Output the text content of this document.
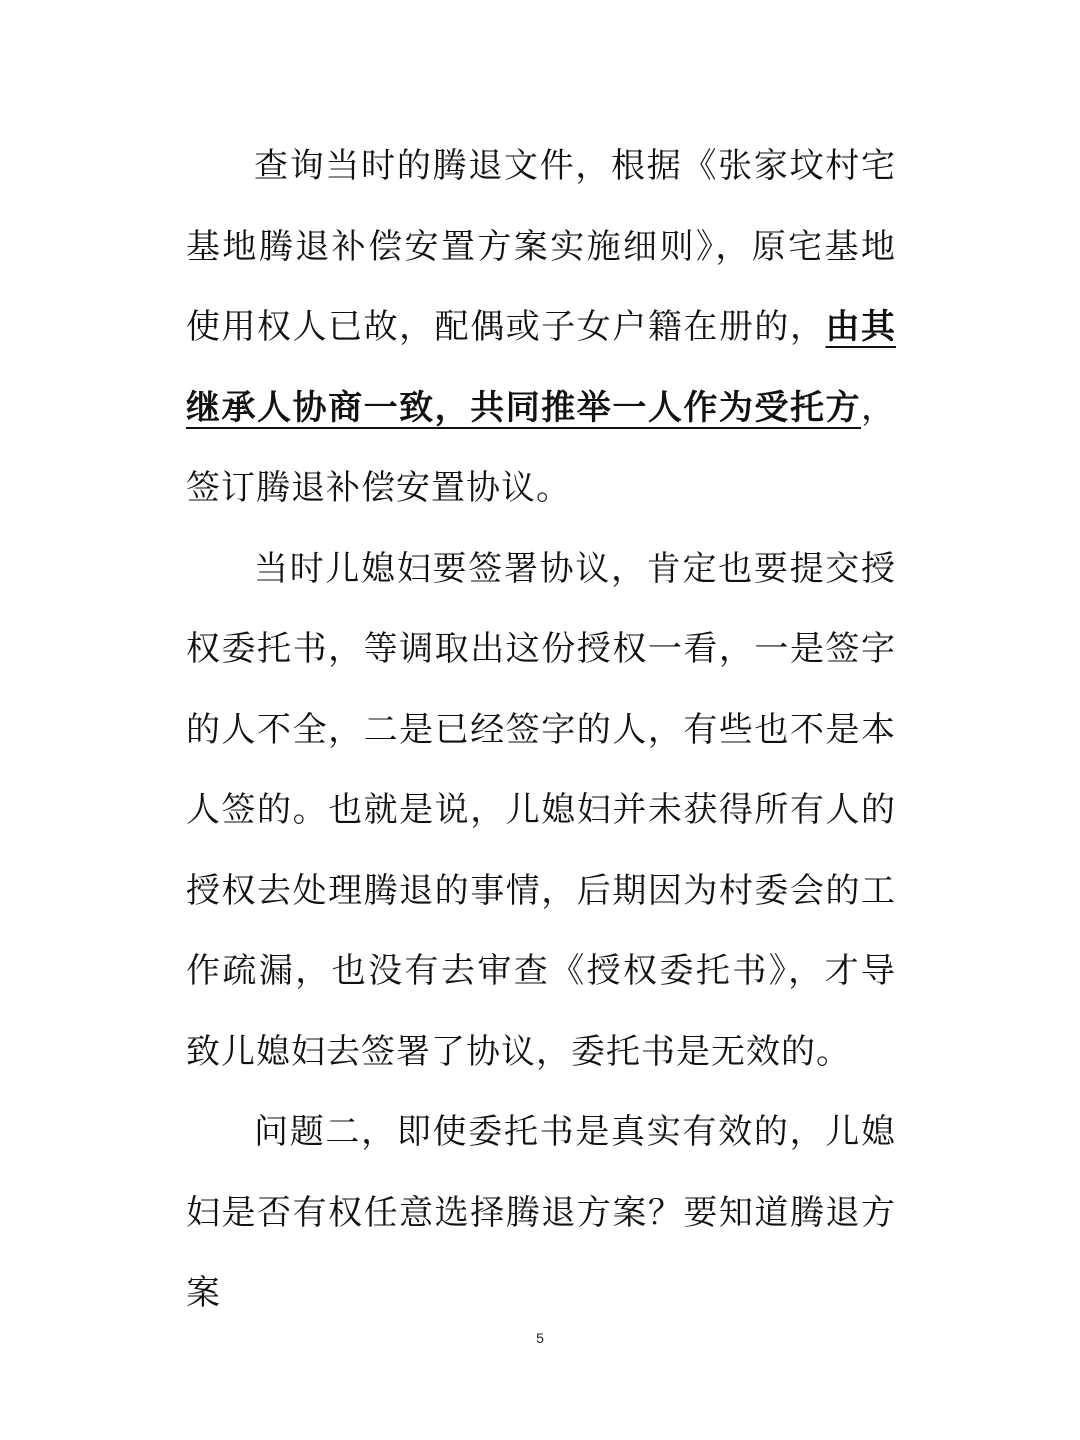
查询当时的腾退文件，根据《张家坟村宅基地腾退补偿安置方案实施细则》，原宅基地使用权人已故，配偶或子女户籍在册的，由其继承人协商一致，共同推举一人作为受托方，签订腾退补偿安置协议。

当时儿媳妇要签署协议，肯定也要提交授权委托书，等调取出这份授权一看，一是签字的人不全，二是已经签字的人，有些也不是本人签的。也就是说，儿媳妇并未获得所有人的授权去处理腾退的事情，后期因为村委会的工作疏漏，也没有去审查《授权委托书》，才导致儿媳妇去签署了协议，委托书是无效的。

问题二，即使委托书是真实有效的，儿媳妇是否有权任意选择腾退方案？要知道腾退方案

5
